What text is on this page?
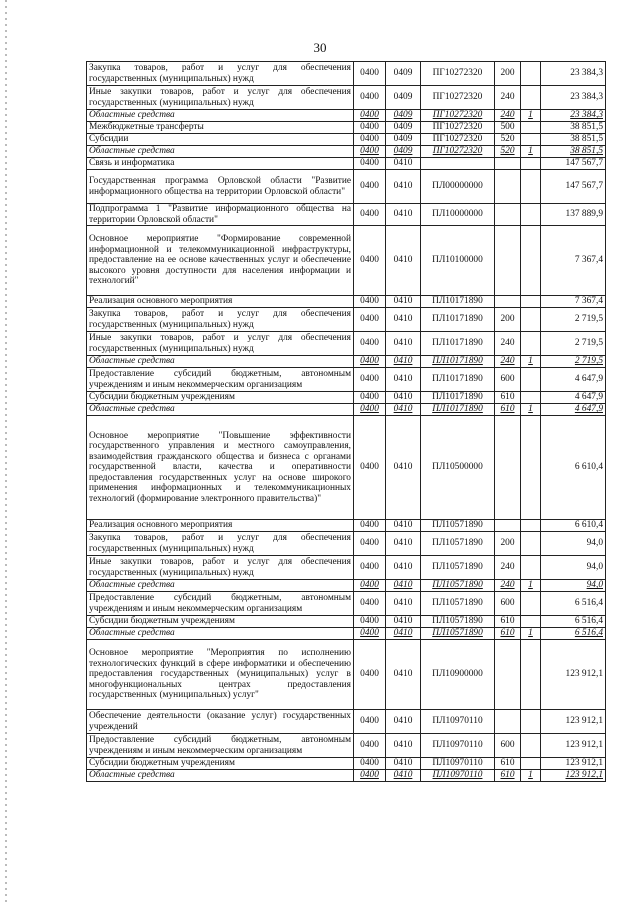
30
Закупка товаров, работ и услуг для обеспечения государственных (муниципальных) нужд	0400	0409	ПГ10272320	200		23 384,3
Иные закупки товаров, работ и услуг для обеспечения государственных (муниципальных) нужд	0400	0409	ПГ10272320	240		23 384,3
Областные средства	0400	0409	ПГ10272320	240	1	23 384,3
Межбюджетные трансферты	0400	0409	ПГ10272320	500		38 851,5
Субсидии	0400	0409	ПГ10272320	520		38 851,5
Областные средства	0400	0409	ПГ10272320	520	1	38 851,5
Связь и информатика	0400	0410				147 567,7
Государственная программа Орловской области "Развитие информационного общества на территории Орловской области"	0400	0410	ПЛ00000000			147 567,7
Подпрограмма 1 "Развитие информационного общества на территории Орловской области"	0400	0410	ПЛ10000000			137 889,9
Основное мероприятие "Формирование современной информационной и телекоммуникационной инфраструктуры, предоставление на ее основе качественных услуг и обеспечение высокого уровня доступности для населения информации и технологий"	0400	0410	ПЛ10100000			7 367,4
Реализация основного мероприятия	0400	0410	ПЛ10171890			7 367,4
Закупка товаров, работ и услуг для обеспечения государственных (муниципальных) нужд	0400	0410	ПЛ10171890	200		2 719,5
Иные закупки товаров, работ и услуг для обеспечения государственных (муниципальных) нужд	0400	0410	ПЛ10171890	240		2 719,5
Областные средства	0400	0410	ПЛ10171890	240	1	2 719,5
Предоставление субсидий бюджетным, автономным учреждениям и иным некоммерческим организациям	0400	0410	ПЛ10171890	600		4 647,9
Субсидии бюджетным учреждениям	0400	0410	ПЛ10171890	610		4 647,9
Областные средства	0400	0410	ПЛ10171890	610	1	4 647,9
Основное мероприятие "Повышение эффективности государственного управления и местного самоуправления, взаимодействия гражданского общества и бизнеса с органами государственной власти, качества и оперативности предоставления государственных услуг на основе широкого применения информационных и телекоммуникационных технологий (формирование электронного правительства)"	0400	0410	ПЛ10500000			6 610,4
Реализация основного мероприятия	0400	0410	ПЛ10571890			6 610,4
Закупка товаров, работ и услуг для обеспечения государственных (муниципальных) нужд	0400	0410	ПЛ10571890	200		94,0
Иные закупки товаров, работ и услуг для обеспечения государственных (муниципальных) нужд	0400	0410	ПЛ10571890	240		94,0
Областные средства	0400	0410	ПЛ10571890	240	1	94,0
Предоставление субсидий бюджетным, автономным учреждениям и иным некоммерческим организациям	0400	0410	ПЛ10571890	600		6 516,4
Субсидии бюджетным учреждениям	0400	0410	ПЛ10571890	610		6 516,4
Областные средства	0400	0410	ПЛ10571890	610	1	6 516,4
Основное мероприятие "Мероприятия по исполнению технологических функций в сфере информатики и обеспечению предоставления государственных (муниципальных) услуг в многофункциональных центрах предоставления государственных (муниципальных) услуг"	0400	0410	ПЛ10900000			123 912,1
Обеспечение деятельности (оказание услуг) государственных учреждений	0400	0410	ПЛ10970110			123 912,1
Предоставление субсидий бюджетным, автономным учреждениям и иным некоммерческим организациям	0400	0410	ПЛ10970110	600		123 912,1
Субсидии бюджетным учреждениям	0400	0410	ПЛ10970110	610		123 912,1
Областные средства	0400	0410	ПЛ10970110	610	1	123 912,1
